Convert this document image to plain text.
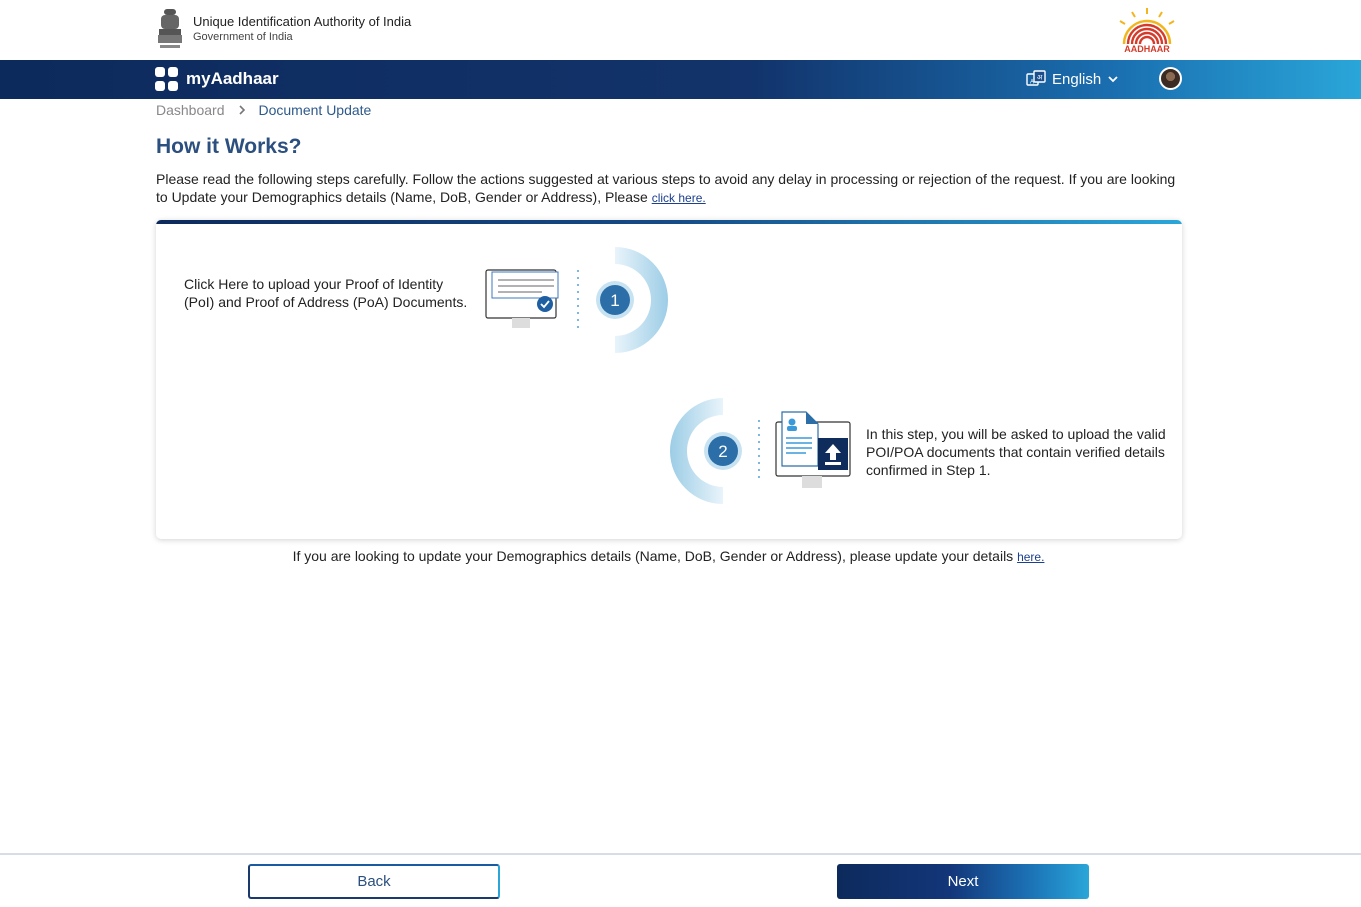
Unique Identification Authority of India
Government of India
AADHAAR
myAadhaar	अ
A English
Dashboard Document Update
How it Works?

Please read the following steps carefully. Follow the actions suggested at various steps to avoid any delay in processing or rejection of the request. If you are looking to Update your Demographics details (Name, DoB, Gender or Address), Please click here.

Click Here to upload your Proof of Identity (PoI) and Proof of Address (PoA) Documents.	1
2
In this step, you will be asked to upload the valid POI/POA documents that contain verified details confirmed in Step 1.

If you are looking to update your Demographics details (Name, DoB, Gender or Address), please update your details here.

Back	Next
